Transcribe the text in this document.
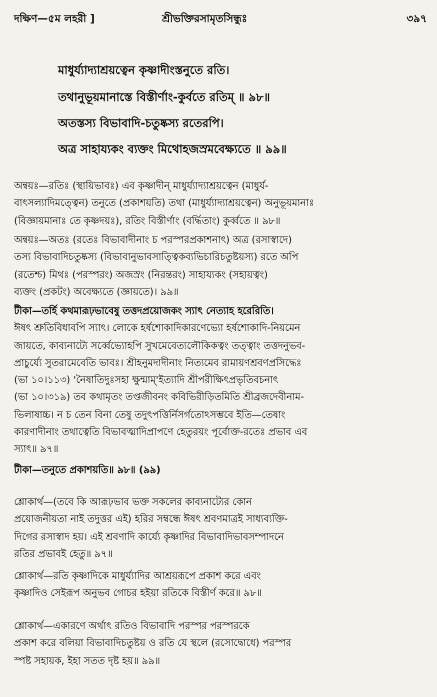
দক্ষিণ—৫ম লহরী ]	শ্রীভক্তিরসামৃতসিন্ধুঃ	৩৯৭
মাধুর্য্যাদ্যাশ্রয়ত্বেন কৃষ্ণাদীংস্তনুতে রতি।
তথানুভূয়মানাস্তে বিস্তীর্ণাং-কুর্বতে রতিম্ ॥ ৯৮॥
অতস্তস্য বিভাবাদি-চতুষ্কস্য রতেরপি।
অত্র সাহায্যকং ব্যক্তং মিথোহজস্রমবেক্ষ্যতে ॥ ৯৯॥

অন্বয়ঃ—রতিঃ (স্থায়িভাবঃ) এব কৃষ্ণাদীন্ মাধুর্য্যাদ্যাশ্রয়ত্বেন (মাধুর্য-

বাৎসল্যাদিমত্ত্বেন) তনুতে (প্রকাশয়তি) তথা (মাধুর্য্যাদ্যাশ্রয়ত্বেন) অনুভূয়মানাঃ

(বিজ্ঞায়মানাঃ তে কৃষ্ণদয়ঃ), রতিং বিস্তীর্ণাং (বর্দ্ধিতাং) কুর্ব্বতে ॥ ৯৮॥

অন্বয়ঃ—অতঃ (রতেঃ বিভাবাদীনাং চ পরস্পরপ্রকাশনাৎ) অত্র (রসাস্বাদে)

তস্য বিভাবাদিচতুষ্কস্য (বিভাবানুভাবসাত্ত্বিকব্যভিচারিচতুষ্টয়স্য) রতে অপি

(রতেশ্চ) মিথঃ (পরস্পরং) অজস্রং (নিরন্তরং) সাহায্যকং (সহায়ত্বং)

ব্যক্তং (প্রকটং) অবেক্ষ্যতে (জ্ঞায়তে)। ৯৯॥

টীকা—তর্হি কথমারূঢ়ভাবেষু তত্তদপ্রয়োজকং স্যাৎ নেত্যাহ হরেরিতি।

ঈষৎ শ্রুতিবিধাবপি স্যাৎ। লোকে হর্ষশোকাদিকারণেভ্যো হর্ষশোকাদি-নিয়মেন

জায়তে, কাব্যনাট্যে সর্ব্বেভ্যোহপি সুখমেবেত্যলৌকিকত্বং তত্ত্বাং তত্তদনুভব-

প্রাচুর্য্যে সুতরামেবেতি ভাবঃ। শ্রীহনুমদাদীনাং নিত্যমেব রামায়ণশ্রবণপ্রসিদ্ধেঃ

(ভা ১০।১১৩) 'নৈষাতিদুঃসহা ক্ষুন্মাম্'ইত্যাদি শ্রীপরীক্ষিৎপ্রভৃতিবচনাৎ

(ভা ১০।৩১৯) তব কথামৃতং তপ্তজীবনং কবিভিরীড়িতমিতি শ্রীব্রজদেবীনাম-

ভিলাষাচ্চ। ন চ তেন বিনা তেষু তদুৎপত্তির্নিসর্গতো‌‌‌‌‌‌‌ঽসম্ভবে ইতি—তেষাং

কারণাদীনাং তথাত্বেতি বিভাবত্মাদিপ্রাপণে হেতুরয়ং পূর্বোক্ত-রতেঃ প্রভাব এব

স্যাৎ॥ ৯৭॥

টীকা—তনুতে প্রকাশয়তি॥ ৯৮॥ (৯৯)

শ্লোকার্থ—(তবে কি আরূঢ়ভাব ভক্ত সকলের কাব্যনাট্যের কোন

প্রয়োজনীয়তা নাই তদুত্তর এই) হরির সম্বন্ধে ঈষৎ শ্রবণমাত্রই সাধ্যব্যক্তি-

দিগের রসাস্বাদ হয়। এই শ্রবণাদি কার্য্যে কৃষ্ণাদির বিভাবাদিভাবসম্পাদনে

রতির প্রভাবই হেতু॥ ৯৭॥

শ্লোকার্থ—রতি কৃষ্ণাদিকে মাধুর্য্যাদির আশ্রয়রূপে প্রকাশ করে এবং

কৃষ্ণাদিও সেইরূপ অনুভব গোচর হইয়া রতিকে বিস্তীর্ণ করে॥ ৯৮॥

শ্লোকার্থ—একারণে অর্থাৎ রতিও বিভাবাদি পরস্পর পরস্পরকে

প্রকাশ করে বলিয়া বিভাবাদিচতুষ্টয় ও রতি যে স্থলে (রসোদ্বোধে) পরস্পর

স্পষ্ট সহায়ক, ইহা সতত দৃষ্ট হয়॥ ৯৯॥
